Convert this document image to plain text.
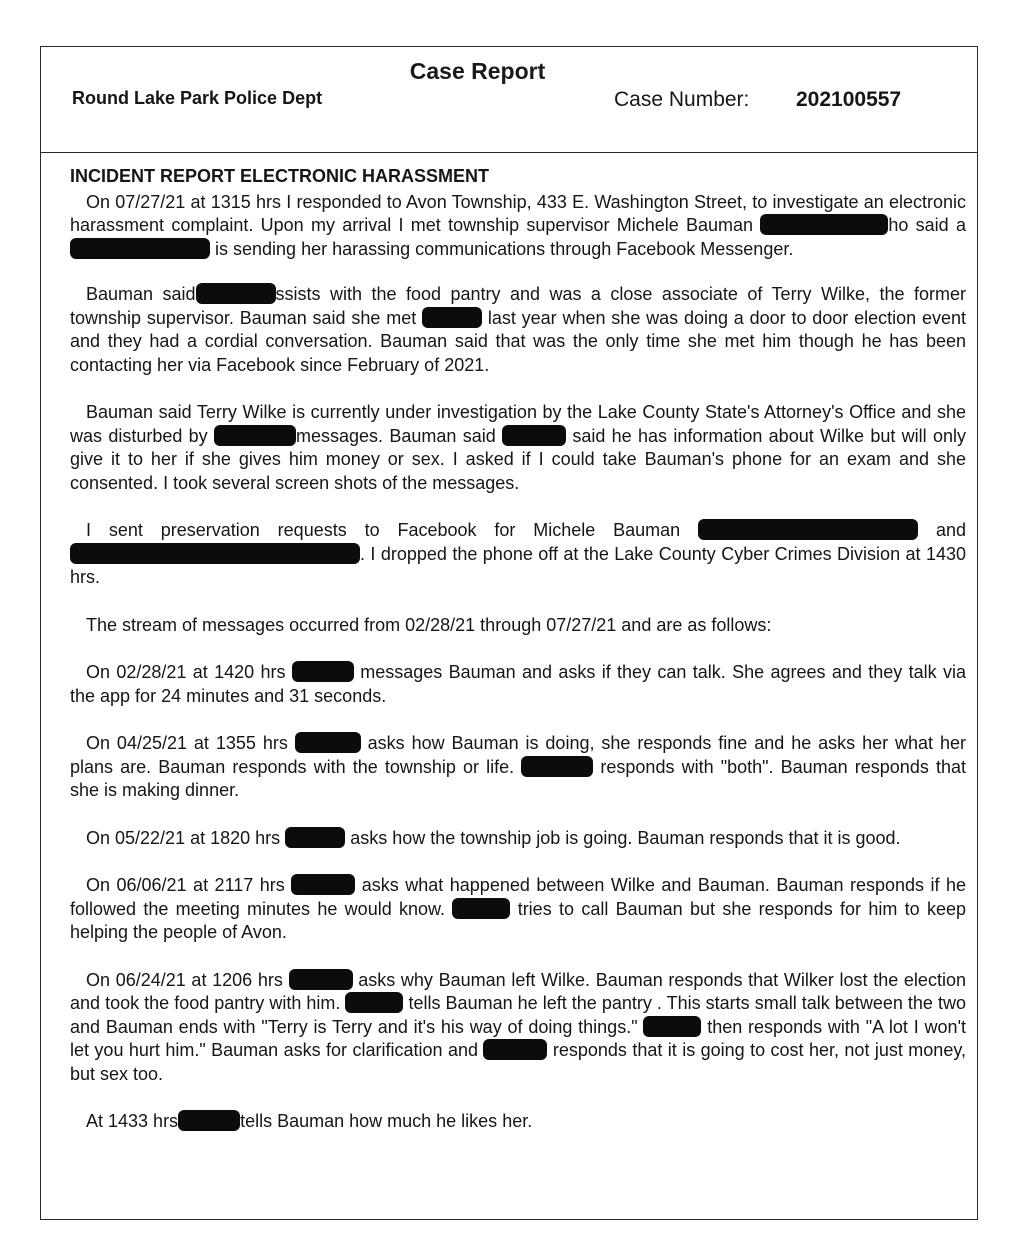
Case Report
Round Lake Park Police Dept	Case Number: 202100557
INCIDENT REPORT ELECTRONIC HARASSMENT

On 07/27/21 at 1315 hrs I responded to Avon Township, 433 E. Washington Street, to investigate an electronic harassment complaint. Upon my arrival I met township supervisor Michele Bauman	ho said a  is sending her harassing communications through Facebook Messenger.

Bauman said	ssists with the food pantry and was a close associate of Terry Wilke, the former township supervisor. Bauman said she met	last year when she was doing a door to door election event and they had a cordial conversation. Bauman said that was the only time she met him though he has been contacting her via Facebook since February of 2021.

Bauman said Terry Wilke is currently under investigation by the Lake County State's Attorney's Office and she was disturbed by	messages. Bauman said	said he has information about Wilke but will only give it to her if she gives him money or sex. I asked if I could take Bauman's phone for an exam and she consented. I took several screen shots of the messages.

I sent preservation requests to Facebook for Michele Bauman	and . I dropped the phone off at the Lake County Cyber Crimes Division at 1430 hrs.

The stream of messages occurred from 02/28/21 through 07/27/21 and are as follows:

On 02/28/21 at 1420 hrs	messages Bauman and asks if they can talk. She agrees and they talk via the app for 24 minutes and 31 seconds.

On 04/25/21 at 1355 hrs	asks how Bauman is doing, she responds fine and he asks her what her plans are. Bauman responds with the township or life.	responds with "both". Bauman responds that she is making dinner.

On 05/22/21 at 1820 hrs	asks how the township job is going. Bauman responds that it is good.

On 06/06/21 at 2117 hrs	asks what happened between Wilke and Bauman. Bauman responds if he followed the meeting minutes he would know.	tries to call Bauman but she responds for him to keep helping the people of Avon.

On 06/24/21 at 1206 hrs	asks why Bauman left Wilke. Bauman responds that Wilker lost the election and took the food pantry with him.	tells Bauman he left the pantry . This starts small talk between the two and Bauman ends with "Terry is Terry and it's his way of doing things."	then responds with "A lot I won't let you hurt him." Bauman asks for clarification and	responds that it is going to cost her, not just money, but sex too.

At 1433 hrs	tells Bauman how much he likes her.
